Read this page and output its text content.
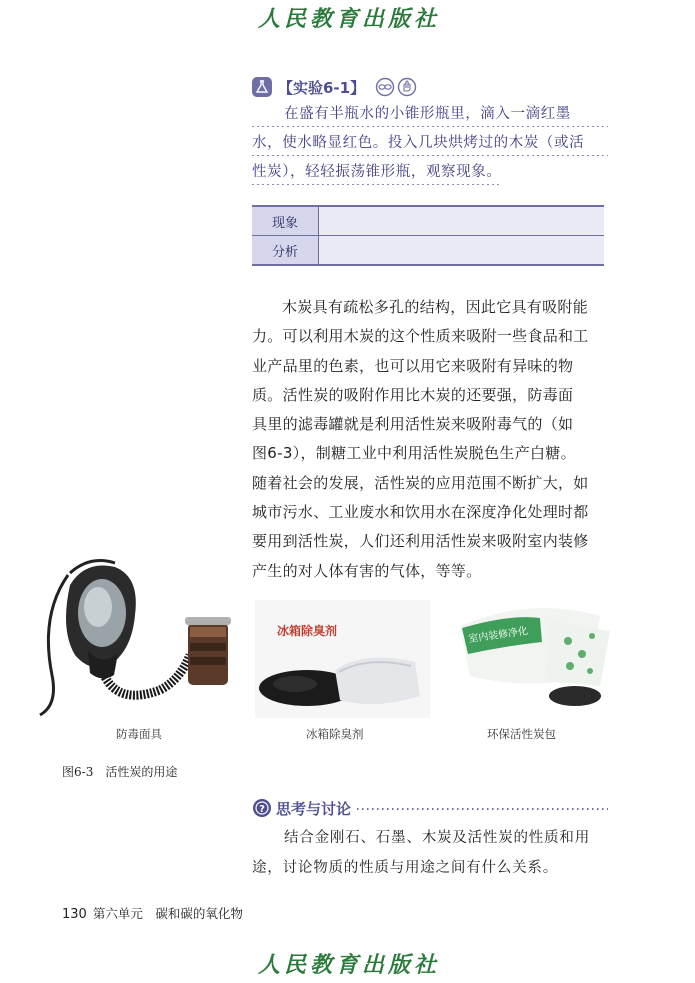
人民教育出版社
【实验6-1】
在盛有半瓶水的小锥形瓶里，滴入一滴红墨
水，使水略显红色。投入几块烘烤过的木炭（或活
性炭），轻轻振荡锥形瓶，观察现象。
现象	
分析	
木炭具有疏松多孔的结构，因此它具有吸附能
力。可以利用木炭的这个性质来吸附一些食品和工
业产品里的色素，也可以用它来吸附有异味的物
质。活性炭的吸附作用比木炭的还要强，防毒面
具里的滤毒罐就是利用活性炭来吸附毒气的（如
图6-3），制糖工业中利用活性炭脱色生产白糖。
随着社会的发展，活性炭的应用范围不断扩大，如
城市污水、工业废水和饮用水在深度净化处理时都
要用到活性炭，人们还利用活性炭来吸附室内装修
产生的对人体有害的气体，等等。
冰箱除臭剂	室内装修净化
防毒面具	冰箱除臭剂	环保活性炭包
图6-3　活性炭的用途
? 思考与讨论
结合金刚石、石墨、木炭及活性炭的性质和用
途，讨论物质的性质与用途之间有什么关系。
130 第六单元　碳和碳的氧化物
人民教育出版社
